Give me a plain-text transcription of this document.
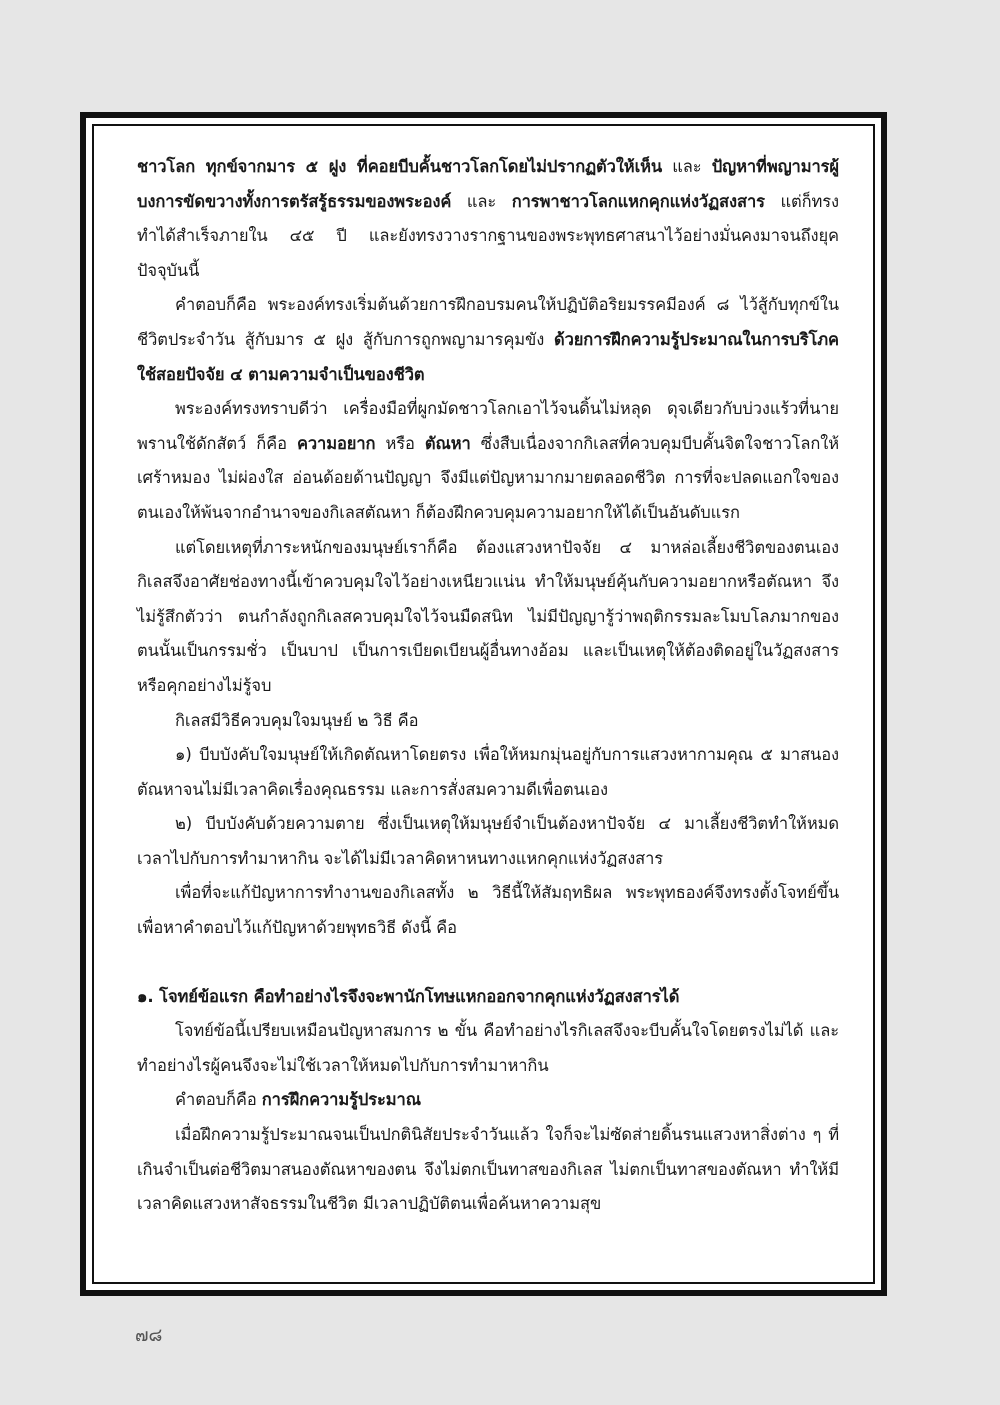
ชาวโลก ทุกข์จากมาร ๕ ฝูง ที่คอยบีบคั้นชาวโลกโดยไม่ปรากฏตัวให้เห็น และ ปัญหาที่พญามารผู้บงการขัดขวางทั้งการตรัสรู้ธรรมของพระองค์ และ การพาชาวโลกแหกคุกแห่งวัฏสงสาร แต่ก็ทรงทำได้สำเร็จภายใน ๔๕ ปี และยังทรงวางรากฐานของพระพุทธศาสนาไว้อย่างมั่นคงมาจนถึงยุคปัจจุบันนี้

คำตอบก็คือ พระองค์ทรงเริ่มต้นด้วยการฝึกอบรมคนให้ปฏิบัติอริยมรรคมีองค์ ๘ ไว้สู้กับทุกข์ในชีวิตประจำวัน สู้กับมาร ๕ ฝูง สู้กับการถูกพญามารคุมขัง ด้วยการฝึกความรู้ประมาณในการบริโภคใช้สอยปัจจัย ๔ ตามความจำเป็นของชีวิต

พระองค์ทรงทราบดีว่า เครื่องมือที่ผูกมัดชาวโลกเอาไว้จนดิ้นไม่หลุด ดุจเดียวกับบ่วงแร้วที่นายพรานใช้ดักสัตว์ ก็คือ ความอยาก หรือ ตัณหา ซึ่งสืบเนื่องจากกิเลสที่ควบคุมบีบคั้นจิตใจชาวโลกให้เศร้าหมอง ไม่ผ่องใส อ่อนด้อยด้านปัญญา จึงมีแต่ปัญหามากมายตลอดชีวิต การที่จะปลดแอกใจของตนเองให้พ้นจากอำนาจของกิเลสตัณหา ก็ต้องฝึกควบคุมความอยากให้ได้เป็นอันดับแรก

แต่โดยเหตุที่ภาระหนักของมนุษย์เราก็คือ ต้องแสวงหาปัจจัย ๔ มาหล่อเลี้ยงชีวิตของตนเอง กิเลสจึงอาศัยช่องทางนี้เข้าควบคุมใจไว้อย่างเหนียวแน่น ทำให้มนุษย์คุ้นกับความอยากหรือตัณหา จึงไม่รู้สึกตัวว่า ตนกำลังถูกกิเลสควบคุมใจไว้จนมืดสนิท ไม่มีปัญญารู้ว่าพฤติกรรมละโมบโลภมากของตนนั้นเป็นกรรมชั่ว เป็นบาป เป็นการเบียดเบียนผู้อื่นทางอ้อม และเป็นเหตุให้ต้องติดอยู่ในวัฏสงสารหรือคุกอย่างไม่รู้จบ

กิเลสมีวิธีควบคุมใจมนุษย์ ๒ วิธี คือ

๑) บีบบังคับใจมนุษย์ให้เกิดตัณหาโดยตรง เพื่อให้หมกมุ่นอยู่กับการแสวงหากามคุณ ๕ มาสนองตัณหาจนไม่มีเวลาคิดเรื่องคุณธรรม และการสั่งสมความดีเพื่อตนเอง

๒) บีบบังคับด้วยความตาย ซึ่งเป็นเหตุให้มนุษย์จำเป็นต้องหาปัจจัย ๔ มาเลี้ยงชีวิตทำให้หมดเวลาไปกับการทำมาหากิน จะได้ไม่มีเวลาคิดหาหนทางแหกคุกแห่งวัฏสงสาร

เพื่อที่จะแก้ปัญหาการทำงานของกิเลสทั้ง ๒ วิธีนี้ให้สัมฤทธิผล พระพุทธองค์จึงทรงตั้งโจทย์ขึ้น เพื่อหาคำตอบไว้แก้ปัญหาด้วยพุทธวิธี ดังนี้ คือ

๑. โจทย์ข้อแรก คือทำอย่างไรจึงจะพานักโทษแหกออกจากคุกแห่งวัฏสงสารได้

โจทย์ข้อนี้เปรียบเหมือนปัญหาสมการ ๒ ขั้น คือทำอย่างไรกิเลสจึงจะบีบคั้นใจโดยตรงไม่ได้ และทำอย่างไรผู้คนจึงจะไม่ใช้เวลาให้หมดไปกับการทำมาหากิน

คำตอบก็คือ การฝึกความรู้ประมาณ

เมื่อฝึกความรู้ประมาณจนเป็นปกตินิสัยประจำวันแล้ว ใจก็จะไม่ซัดส่ายดิ้นรนแสวงหาสิ่งต่าง ๆ ที่เกินจำเป็นต่อชีวิตมาสนองตัณหาของตน จึงไม่ตกเป็นทาสของกิเลส ไม่ตกเป็นทาสของตัณหา ทำให้มีเวลาคิดแสวงหาสัจธรรมในชีวิต มีเวลาปฏิบัติตนเพื่อค้นหาความสุข

๗๘
